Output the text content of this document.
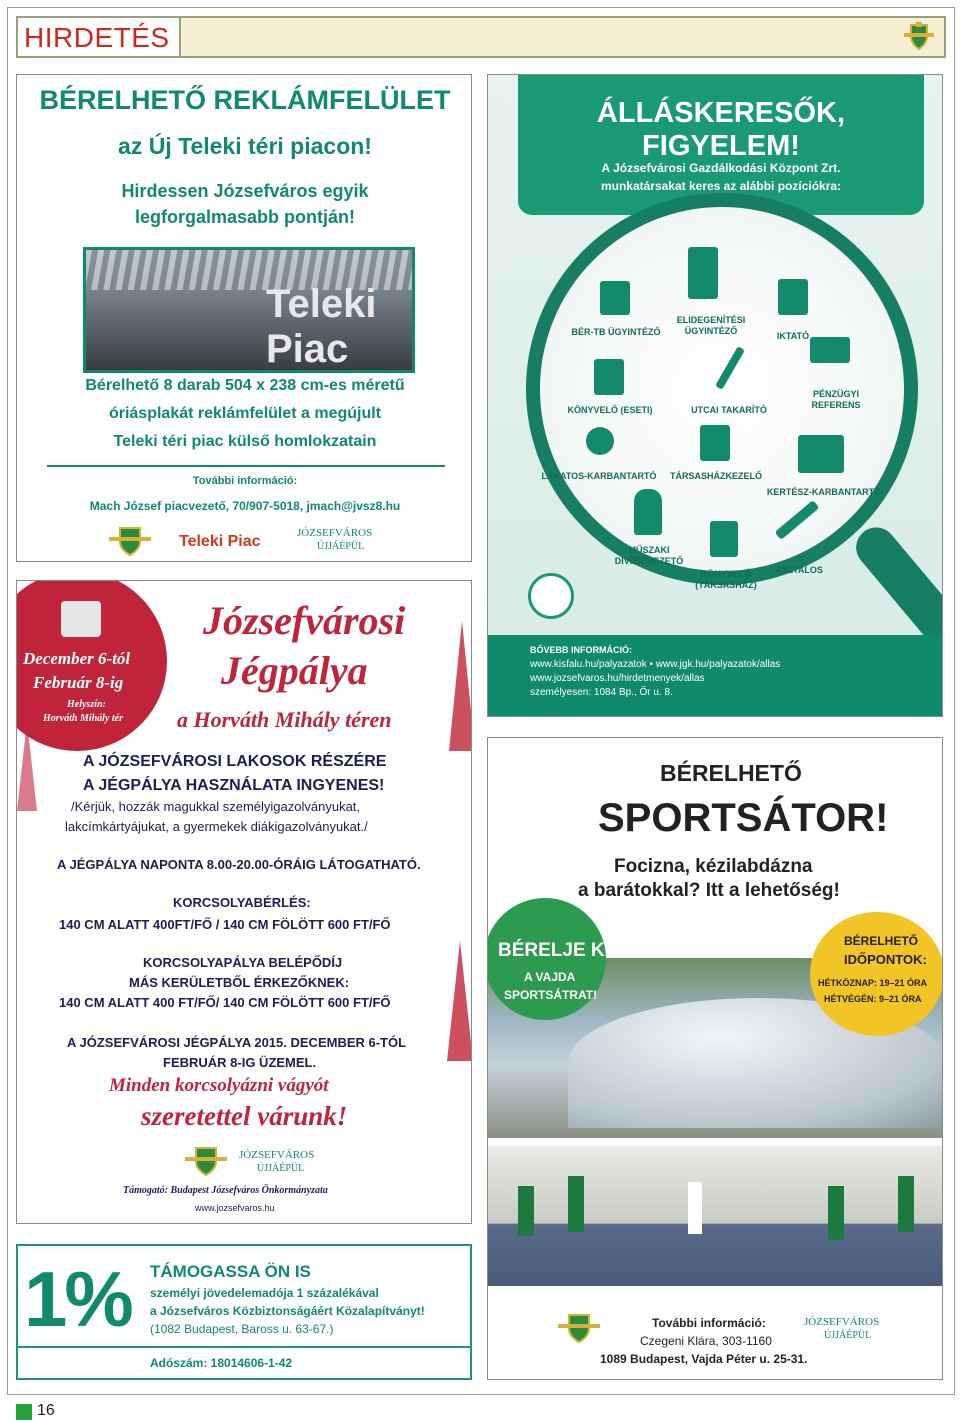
HIRDETÉS
BÉRELHETŐ REKLÁMFELÜLET
az Új Teleki téri piacon!
Hirdessen Józsefváros egyik
legforgalmasabb pontján!
Teleki Piac
Bérelhető 8 darab 504 x 238 cm-es méretű
óriásplakát reklámfelület a megújult
Teleki téri piac külső homlokzatain
További információ:
Mach József piacvezető, 70/907-5018, jmach@jvsz8.hu
Teleki Piac	JÓZSEFVÁROS
ÚJJÁÉPÜL
ÁLLÁSKERESŐK, FIGYELEM!
A Józsefvárosi Gazdálkodási Központ Zrt.
munkatársakat keres az alábbi pozíciókra:
BÉR-TB ÜGYINTÉZŐ
ELIDEGENÍTÉSI ÜGYINTÉZŐ	IKTATÓ
KÖNYVELŐ (ESETI)	UTCAI TAKARÍTÓ
PÉNZÜGYI REFERENS
LAKATOS-KARBANTARTÓ	TÁRSASHÁZKEZELŐ
KERTÉSZ-KARBANTARTÓ
MŰSZAKI DIVÍZIÓVEZETŐ
KÖNYVELŐ (TÁRSASHÁZ)
ASZTALOS
BŐVEBB INFORMÁCIÓ:
www.kisfalu.hu/palyazatok • www.jgk.hu/palyazatok/allas
www.jozsefvaros.hu/hirdetmenyek/allas
személyesen: 1084 Bp., Őr u. 8.
December 6-tól
Február 8-ig
Helyszín:
Horváth Mihály tér
Józsefvárosi
Jégpálya
a Horváth Mihály téren
A JÓZSEFVÁROSI LAKOSOK RÉSZÉRE
A JÉGPÁLYA HASZNÁLATA INGYENES!
/Kérjük, hozzák magukkal személyigazolványukat,
lakcímkártyájukat, a gyermekek diákigazolványukat./
A JÉGPÁLYA NAPONTA 8.00-20.00-ÓRÁIG LÁTOGATHATÓ.
KORCSOLYABÉRLÉS:
140 CM ALATT 400FT/FŐ / 140 CM FÖLÖTT 600 FT/FŐ
KORCSOLYAPÁLYA BELÉPŐDÍJ
MÁS KERÜLETBŐL ÉRKEZŐKNEK:
140 CM ALATT 400 FT/FŐ/ 140 CM FÖLÖTT 600 FT/FŐ
A JÓZSEFVÁROSI JÉGPÁLYA 2015. DECEMBER 6-TÓL
FEBRUÁR 8-IG ÜZEMEL.
Minden korcsolyázni vágyót
szeretettel várunk!
JÓZSEFVÁROS
ÚJJÁÉPÜL
Támogató: Budapest Józsefváros Önkormányzata
www.jozsefvaros.hu
BÉRELHETŐ
SPORTSÁTOR!
Focizna, kézilabdázna
a barátokkal? Itt a lehetőség!
BÉRELJE KI
A VAJDA
SPORTSÁTRAT!
BÉRELHETŐ
IDŐPONTOK:
HÉTKÖZNAP: 19–21 ÓRA
HÉTVÉGÉN: 9–21 ÓRA
További információ:
Czegeni Klára, 303-1160
1089 Budapest, Vajda Péter u. 25-31.
JÓZSEFVÁROS
ÚJJÁÉPÜL
1% TÁMOGASSA ÖN IS
személyi jövedelemadója 1 százalékával
a Józsefváros Közbiztonságáért Közalapítványt!
(1082 Budapest, Baross u. 63-67.)
Adószám: 18014606-1-42
16
